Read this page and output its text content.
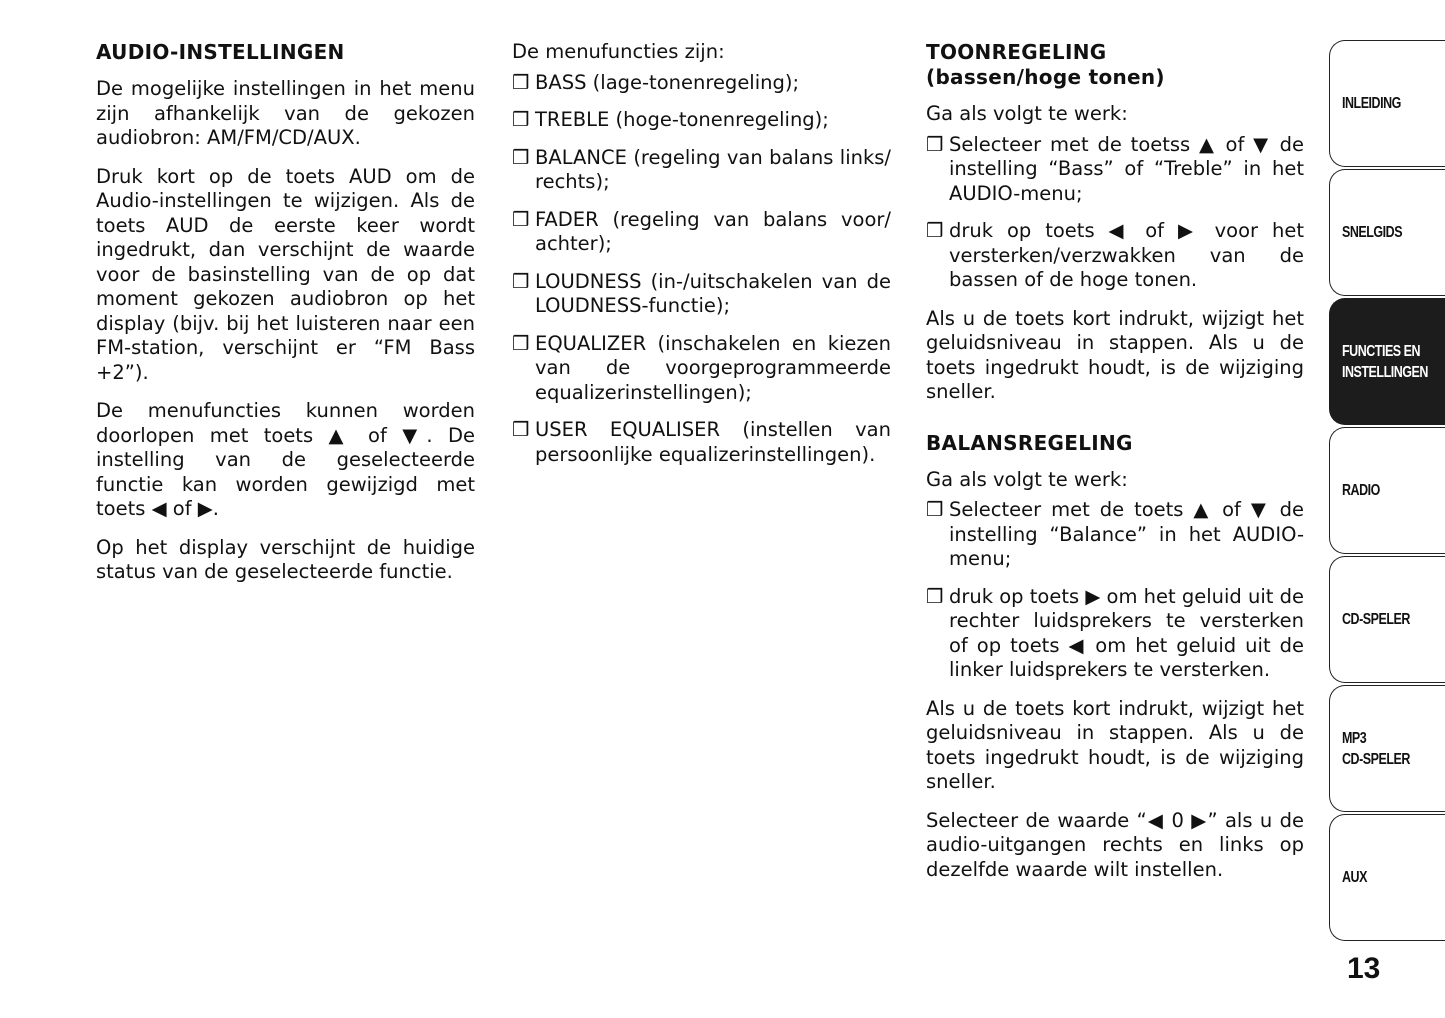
AUDIO-INSTELLINGEN

De mogelijke instellingen in het menu zijn afhankelijk van de gekozen audiobron: AM/FM/CD/AUX.

Druk kort op de toets AUD om de Audio-instellingen te wijzigen. Als de toets AUD de eerste keer wordt ingedrukt, dan verschijnt de waarde voor de basinstelling van de op dat moment gekozen audiobron op het display (bijv. bij het luisteren naar een FM-station, verschijnt er “FM Bass +2”).

De menufuncties kunnen worden doorlopen met toets ▲ of ▼. De instelling van de geselecteerde functie kan worden gewijzigd met toets ◀ of ▶.

Op het display verschijnt de huidige status van de geselecteerde functie.

De menufuncties zijn:

❒ BASS (lage-tonenregeling);
❒ TREBLE (hoge-tonenregeling);
❒ BALANCE (regeling van balans links/ rechts);
❒ FADER (regeling van balans voor/ achter);
❒ LOUDNESS (in-/uitschakelen van de LOUDNESS-functie);
❒ EQUALIZER (inschakelen en kiezen van de voorgeprogrammeerde equalizerinstellingen);
❒ USER EQUALISER (instellen van persoonlijke equalizerinstellingen).
TOONREGELING
(bassen/hoge tonen)

Ga als volgt te werk:

❒ Selecteer met de toetss ▲ of ▼ de instelling “Bass” of “Treble” in het AUDIO-menu;
❒ druk op toets ◀ of ▶ voor het versterken/verzwakken van de bassen of de hoge tonen.

Als u de toets kort indrukt, wijzigt het geluidsniveau in stappen. Als u de toets ingedrukt houdt, is de wijziging sneller.

BALANSREGELING

Ga als volgt te werk:

❒ Selecteer met de toets ▲ of ▼ de instelling “Balance” in het AUDIO-menu;
❒ druk op toets ▶ om het geluid uit de rechter luidsprekers te versterken of op toets ◀ om het geluid uit de linker luidsprekers te versterken.

Als u de toets kort indrukt, wijzigt het geluidsniveau in stappen. Als u de toets ingedrukt houdt, is de wijziging sneller.

Selecteer de waarde “◀ 0 ▶” als u de audio-uitgangen rechts en links op dezelfde waarde wilt instellen.

INLEIDING
SNELGIDS
FUNCTIES EN
INSTELLINGEN
RADIO
CD-SPELER
MP3
CD-SPELER
AUX
13
